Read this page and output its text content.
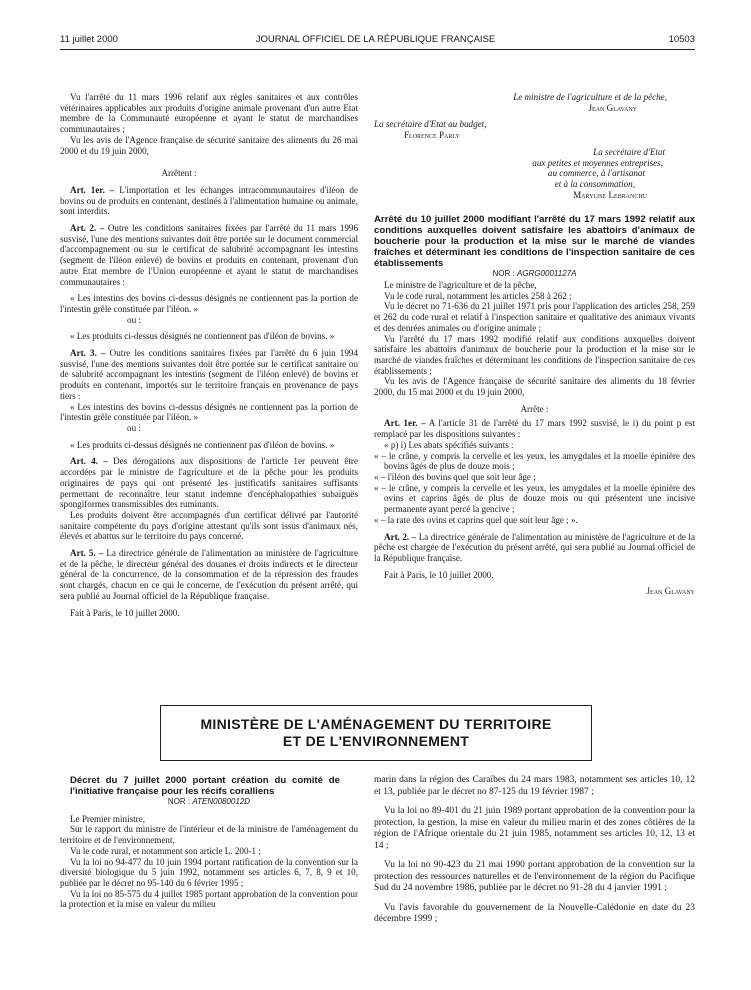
11 juillet 2000	JOURNAL OFFICIEL DE LA RÉPUBLIQUE FRANÇAISE	10503

Vu l'arrêté du 11 mars 1996 relatif aux règles sanitaires et aux contrôles vétérinaires applicables aux produits d'origine animale provenant d'un autre Etat membre de la Communauté européenne et ayant le statut de marchandises communautaires ;

Vu les avis de l'Agence française de sécurité sanitaire des aliments du 26 mai 2000 et du 19 juin 2000,

Arrêtent :

Art. 1er. – L'importation et les échanges intracommunautaires d'iléon de bovins ou de produits en contenant, destinés à l'alimentation humaine ou animale, sont interdits.

Art. 2. – Outre les conditions sanitaires fixées par l'arrêté du 11 mars 1996 susvisé, l'une des mentions suivantes doit être portée sur le document commercial d'accompagnement ou sur le certificat de salubrité accompagnant les intestins (segment de l'iléon enlevé) de bovins et produits en contenant, provenant d'un autre Etat membre de l'Union européenne et ayant le statut de marchandises communautaires :

« Les intestins des bovins ci-dessus désignés ne contiennent pas la portion de l'intestin grêle constituée par l'iléon. »

ou :

« Les produits ci-dessus désignés ne contiennent pas d'iléon de bovins. »

Art. 3. – Outre les conditions sanitaires fixées par l'arrêté du 6 juin 1994 susvisé, l'une des mentions suivantes doit être portée sur le certificat sanitaire ou de salubrité accompagnant les intestins (segment de l'iléon enlevé) de bovins et produits en contenant, importés sur le territoire français en provenance de pays tiers :

« Les intestins des bovins ci-dessus désignés ne contiennent pas la portion de l'intestin grêle constituée par l'iléon. »

ou :

« Les produits ci-dessus désignés ne contiennent pas d'iléon de bovins. »

Art. 4. – Des dérogations aux dispositions de l'article 1er peuvent être accordées par le ministre de l'agriculture et de la pêche pour les produits originaires de pays qui ont présenté les justificatifs sanitaires suffisants permettant de reconnaître leur statut indemne d'encéphalopathies subaiguës spongiformes transmissibles des ruminants.

Les produits doivent être accompagnés d'un certificat délivré par l'autorité sanitaire compétente du pays d'origine attestant qu'ils sont issus d'animaux nés, élevés et abattus sur le territoire du pays concerné.

Art. 5. – La directrice générale de l'alimentation au ministère de l'agriculture et de la pêche, le directeur général des douanes et droits indirects et le directeur général de la concurrence, de la consommation et de la répression des fraudes sont chargés, chacun en ce qui le concerne, de l'exécution du présent arrêté, qui sera publié au Journal officiel de la République française.

Fait à Paris, le 10 juillet 2000.

Le ministre de l'agriculture et de la pêche,

Jean Glavany

La secrétaire d'Etat au budget,

Florence Parly

La secrétaire d'Etat

aux petites et moyennes entreprises,

au commerce, à l'artisanat

et à la consommation,

Marylise Lebranchu

Arrêté du 10 juillet 2000 modifiant l'arrêté du 17 mars 1992 relatif aux conditions auxquelles doivent satisfaire les abattoirs d'animaux de boucherie pour la production et la mise sur le marché de viandes fraîches et déterminant les conditions de l'inspection sanitaire de ces établissements

NOR : AGRG0001127A

Le ministre de l'agriculture et de la pêche,

Vu le code rural, notamment les articles 258 à 262 ;

Vu le décret no 71-636 du 21 juillet 1971 pris pour l'application des articles 258, 259 et 262 du code rural et relatif à l'inspection sanitaire et qualitative des animaux vivants et des denrées animales ou d'origine animale ;

Vu l'arrêté du 17 mars 1992 modifié relatif aux conditions auxquelles doivent satisfaire les abattoirs d'animaux de boucherie pour la production et la mise sur le marché de viandes fraîches et déterminant les conditions de l'inspection sanitaire de ces établissements ;

Vu les avis de l'Agence française de sécurité sanitaire des aliments du 18 février 2000, du 15 mai 2000 et du 19 juin 2000,

Arrête :

Art. 1er. – A l'article 31 de l'arrêté du 17 mars 1992 susvisé, le i) du point p est remplacé par les dispositions suivantes :

« p) i) Les abats spécifiés suivants :

« – le crâne, y compris la cervelle et les yeux, les amygdales et la moelle épinière des bovins âgés de plus de douze mois ;

« – l'iléon des bovins quel que soit leur âge ;

« – le crâne, y compris la cervelle et les yeux, les amygdales et la moelle épinière des ovins et caprins âgés de plus de douze mois ou qui présentent une incisive permanente ayant percé la gencive ;

« – la rate des ovins et caprins quel que soit leur âge ; ».

Art. 2. – La directrice générale de l'alimentation au ministère de l'agriculture et de la pêche est chargée de l'exécution du présent arrêté, qui sera publié au Journal officiel de la République française.

Fait à Paris, le 10 juillet 2000.

Jean Glavany

MINISTÈRE DE L'AMÉNAGEMENT DU TERRITOIRE
ET DE L'ENVIRONNEMENT

Décret du 7 juillet 2000 portant création du comité de l'initiative française pour les récifs coralliens

NOR : ATEN0080012D

Le Premier ministre,

Sur le rapport du ministre de l'intérieur et de la ministre de l'aménagement du territoire et de l'environnement,

Vu le code rural, et notamment son article L. 200-1 ;

Vu la loi no 94-477 du 10 juin 1994 portant ratification de la convention sur la diversité biologique du 5 juin 1992, notamment ses articles 6, 7, 8, 9 et 10, publiée par le décret no 95-140 du 6 février 1995 ;

Vu la loi no 85-575 du 4 juillet 1985 portant approbation de la convention pour la protection et la mise en valeur du milieu

marin dans la région des Caraïbes du 24 mars 1983, notamment ses articles 10, 12 et 13, publiée par le décret no 87-125 du 19 février 1987 ;

Vu la loi no 89-401 du 21 juin 1989 portant approbation de la convention pour la protection, la gestion, la mise en valeur du milieu marin et des zones côtières de la région de l'Afrique orientale du 21 juin 1985, notamment ses articles 10, 12, 13 et 14 ;

Vu la loi no 90-423 du 21 mai 1990 portant approbation de la convention sur la protection des ressources naturelles et de l'environnement de la région du Pacifique Sud du 24 novembre 1986, publiée par le décret no 91-28 du 4 janvier 1991 ;

Vu l'avis favorable du gouvernement de la Nouvelle-Calédonie en date du 23 décembre 1999 ;
